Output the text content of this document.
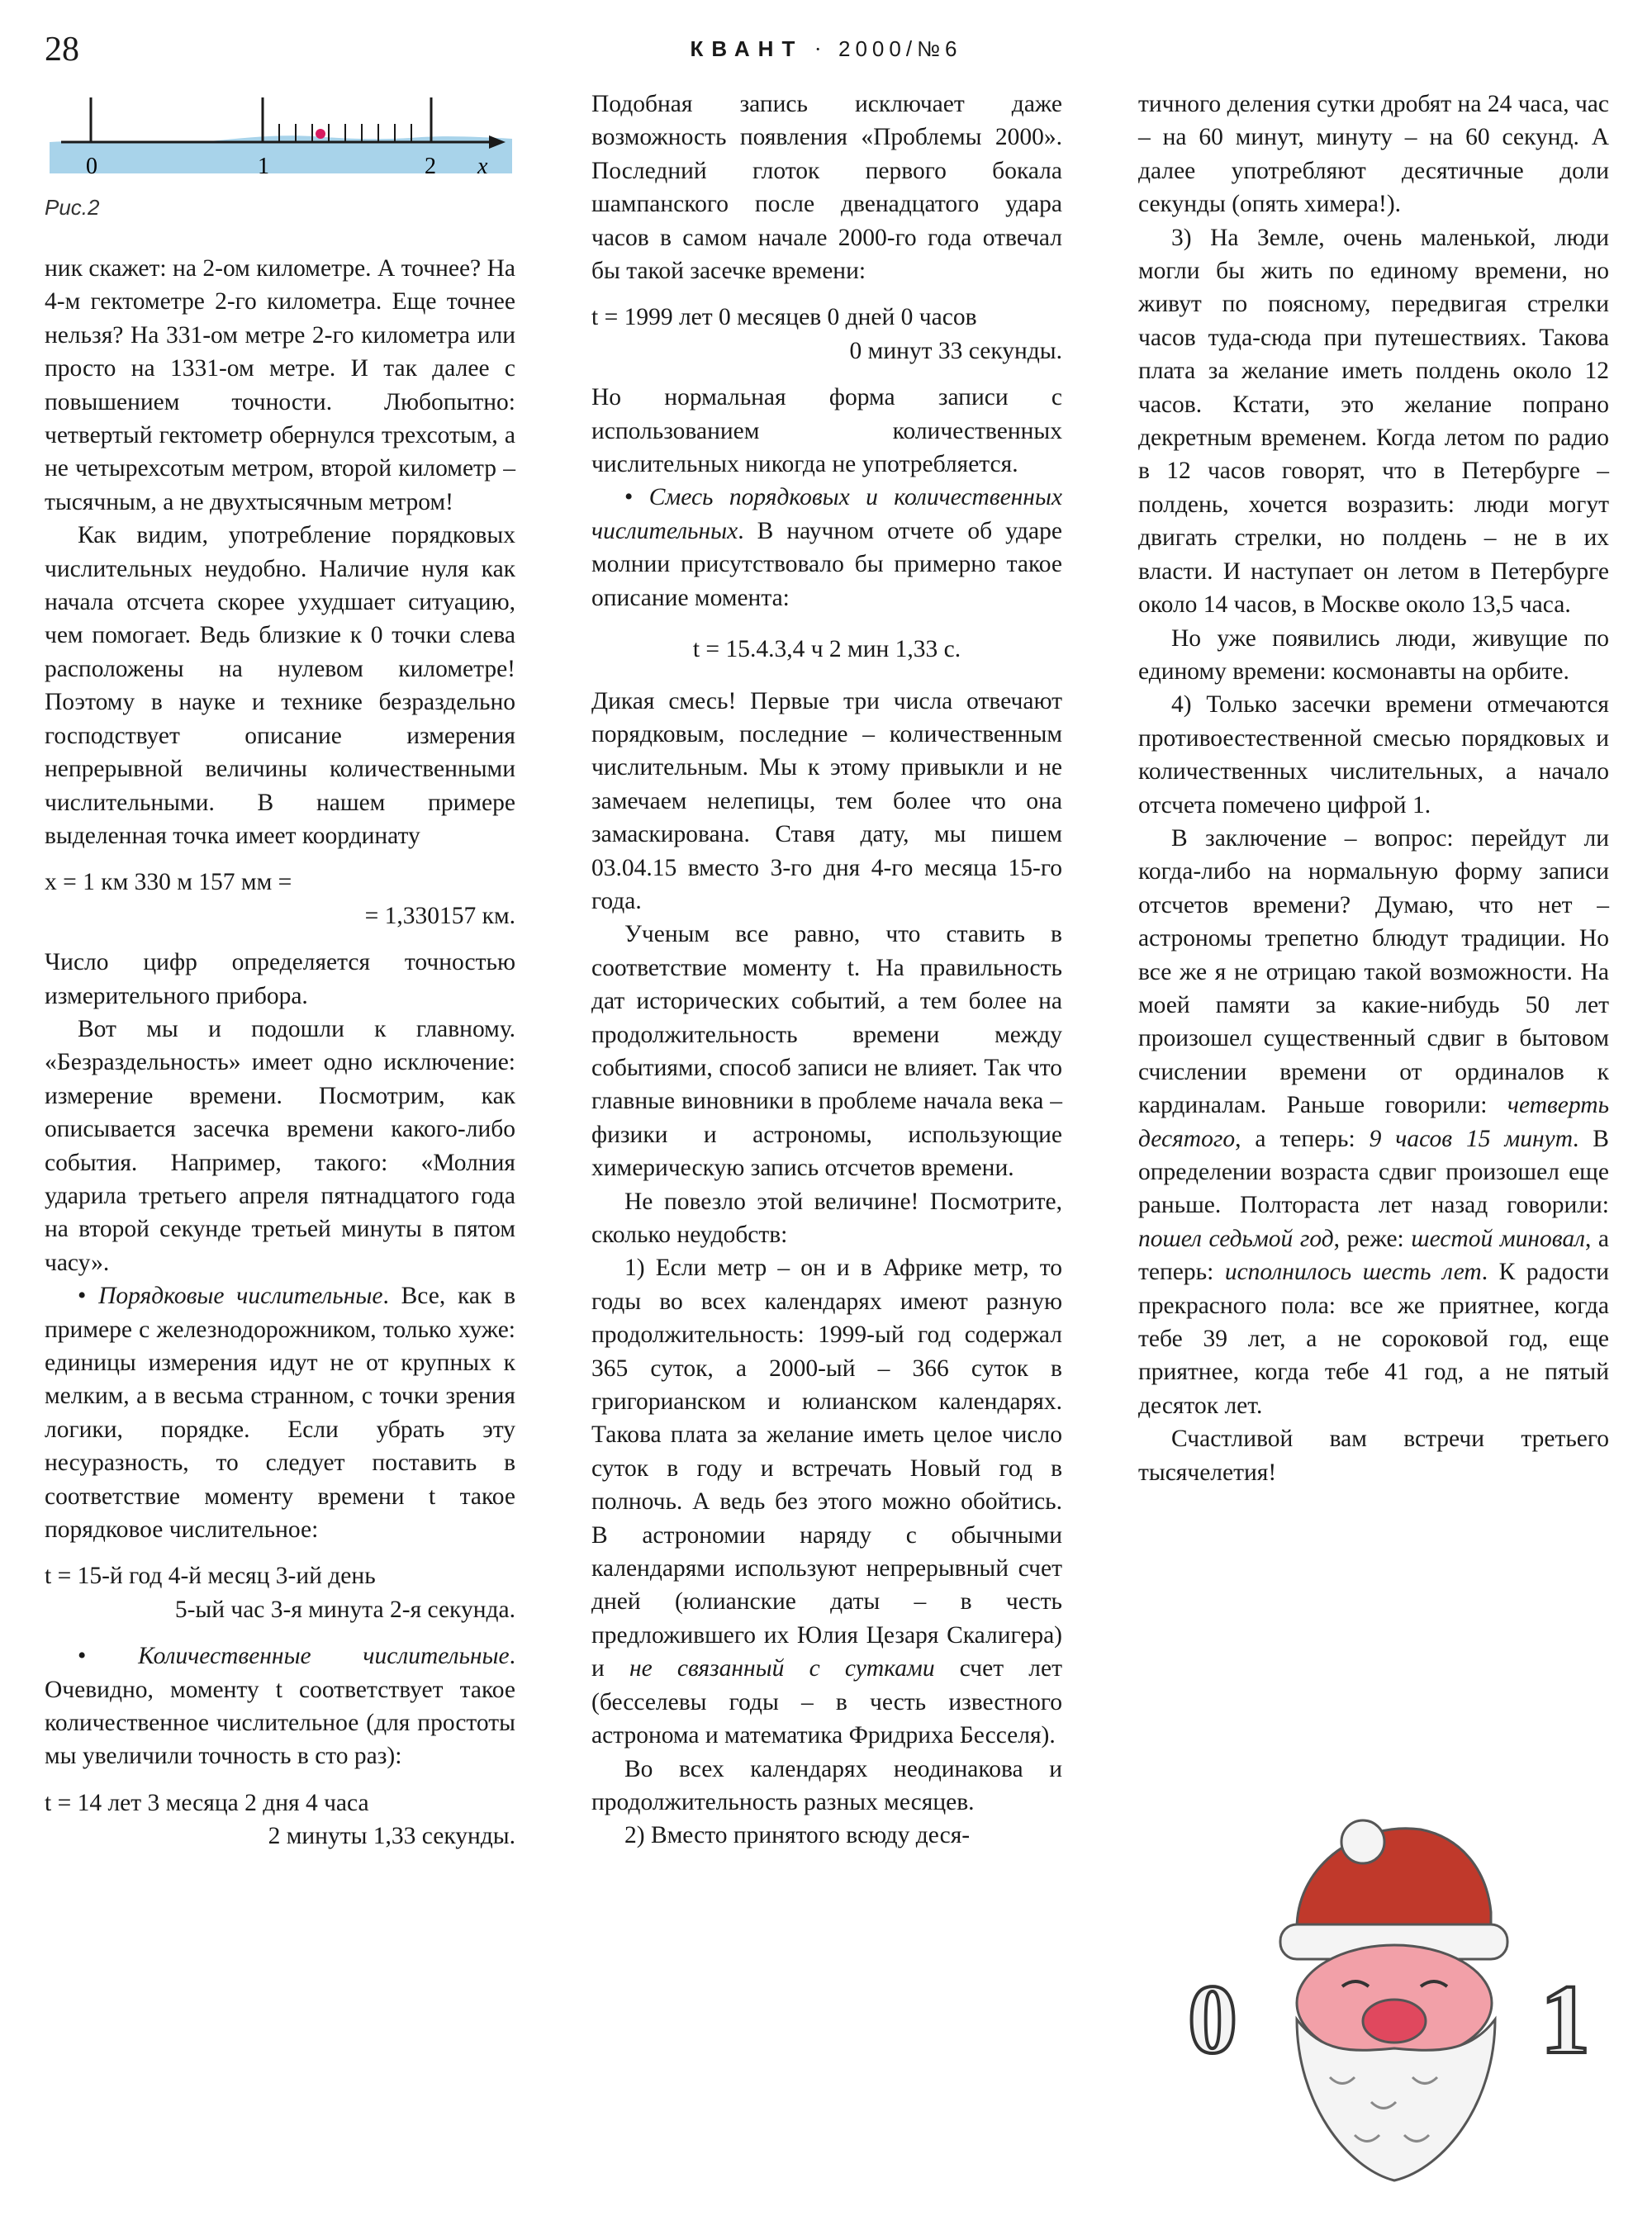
28	КВАНТ · 2000/№6
0	1	2 x
Рис.2

ник скажет: на 2-ом километре. А точнее? На 4-м гектометре 2-го километра. Еще точнее нельзя? На 331-ом метре 2-го километра или просто на 1331-ом метре. И так далее с повышением точности. Любопытно: четвертый гектометр обернулся трехсотым, а не четырехсотым метром, второй километр – тысячным, а не двухтысячным метром!

Как видим, употребление порядковых числительных неудобно. Наличие нуля как начала отсчета скорее ухудшает ситуацию, чем помогает. Ведь близкие к 0 точки слева расположены на нулевом километре! Поэтому в науке и технике безраздельно господствует описание измерения непрерывной величины количественными числительными. В нашем примере выделенная точка имеет координату

x = 1 км 330 м 157 мм =
= 1,330157 км.

Число цифр определяется точностью измерительного прибора.

Вот мы и подошли к главному. «Безраздельность» имеет одно исключение: измерение времени. Посмотрим, как описывается засечка времени какого-либо события. Например, такого: «Молния ударила третьего апреля пятнадцатого года на второй секунде третьей минуты в пятом часу».

• Порядковые числительные. Все, как в примере с железнодорожником, только хуже: единицы измерения идут не от крупных к мелким, а в весьма странном, с точки зрения логики, порядке. Если убрать эту несуразность, то следует поставить в соответствие моменту времени t такое порядковое числительное:

t = 15-й год 4-й месяц 3-ий день
5-ый час 3-я минута 2-я секунда.

• Количественные числительные. Очевидно, моменту t соответствует такое количественное числительное (для простоты мы увеличили точность в сто раз):

t = 14 лет 3 месяца 2 дня 4 часа
2 минуты 1,33 секунды.

Подобная запись исключает даже возможность появления «Проблемы 2000». Последний глоток первого бокала шампанского после двенадцатого удара часов в самом начале 2000-го года отвечал бы такой засечке времени:

t = 1999 лет 0 месяцев 0 дней 0 часов
0 минут 33 секунды.

Но нормальная форма записи с использованием количественных числительных никогда не употребляется.

• Смесь порядковых и количественных числительных. В научном отчете об ударе молнии присутствовало бы примерно такое описание момента:

t = 15.4.3,4 ч 2 мин 1,33 с.

Дикая смесь! Первые три числа отвечают порядковым, последние – количественным числительным. Мы к этому привыкли и не замечаем нелепицы, тем более что она замаскирована. Ставя дату, мы пишем 03.04.15 вместо 3-го дня 4-го месяца 15-го года.

Ученым все равно, что ставить в соответствие моменту t. На правильность дат исторических событий, а тем более на продолжительность времени между событиями, способ записи не влияет. Так что главные виновники в проблеме начала века – физики и астрономы, использующие химерическую запись отсчетов времени.

Не повезло этой величине! Посмотрите, сколько неудобств:

1) Если метр – он и в Африке метр, то годы во всех календарях имеют разную продолжительность: 1999-ый год содержал 365 суток, а 2000-ый – 366 суток в григорианском и юлианском календарях. Такова плата за желание иметь целое число суток в году и встречать Новый год в полночь. А ведь без этого можно обойтись. В астрономии наряду с обычными календарями используют непрерывный счет дней (юлианские даты – в честь предложившего их Юлия Цезаря Скалигера) и не связанный с сутками счет лет (бесселевы годы – в честь известного астронома и математика Фридриха Бесселя).

Во всех календарях неодинакова и продолжительность разных месяцев.

2) Вместо принятого всюду деся-

тичного деления сутки дробят на 24 часа, час – на 60 минут, минуту – на 60 секунд. А далее употребляют десятичные доли секунды (опять химера!).

3) На Земле, очень маленькой, люди могли бы жить по единому времени, но живут по поясному, передвигая стрелки часов туда-сюда при путешествиях. Такова плата за желание иметь полдень около 12 часов. Кстати, это желание попрано декретным временем. Когда летом по радио в 12 часов говорят, что в Петербурге – полдень, хочется возразить: люди могут двигать стрелки, но полдень – не в их власти. И наступает он летом в Петербурге около 14 часов, в Москве около 13,5 часа.

Но уже появились люди, живущие по единому времени: космонавты на орбите.

4) Только засечки времени отмечаются противоестественной смесью порядковых и количественных числительных, а начало отсчета помечено цифрой 1.

В заключение – вопрос: перейдут ли когда-либо на нормальную форму записи отсчетов времени? Думаю, что нет – астрономы трепетно блюдут традиции. Но все же я не отрицаю такой возможности. На моей памяти за какие-нибудь 50 лет произошел существенный сдвиг в бытовом счислении времени от ординалов к кардиналам. Раньше говорили: четверть десятого, а теперь: 9 часов 15 минут. В определении возраста сдвиг произошел еще раньше. Полтораста лет назад говорили: пошел седьмой год, реже: шестой миновал, а теперь: исполнилось шесть лет. К радости прекрасного пола: все же приятнее, когда тебе 39 лет, а не сороковой год, еще приятнее, когда тебе 41 год, а не пятый десяток лет.

Счастливой вам встречи третьего тысячелетия!

0	1
